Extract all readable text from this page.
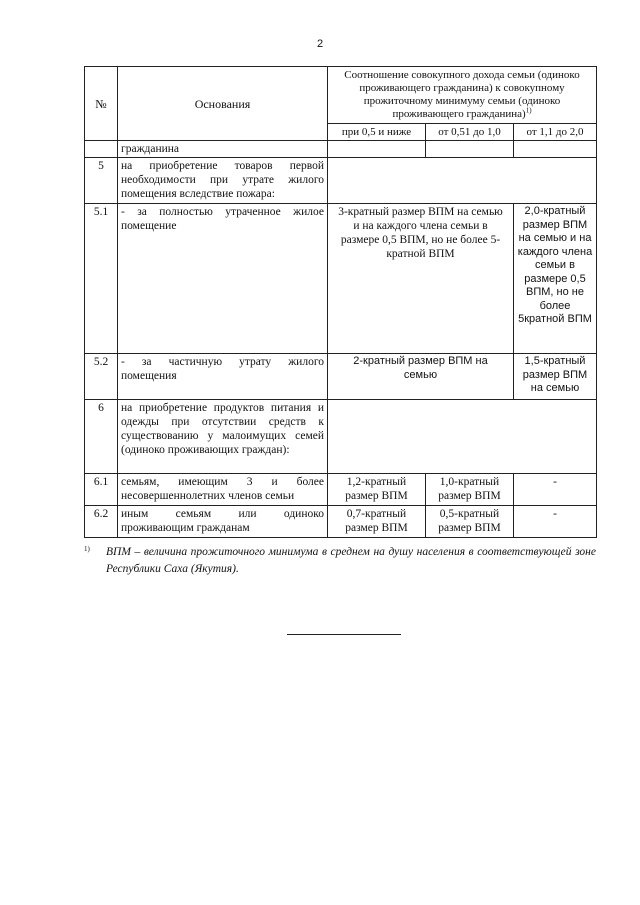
2
№	Основания	Соотношение совокупного дохода семьи (одиноко проживающего гражданина) к совокупному прожиточному минимуму семьи (одиноко проживающего гражданина)$^{1)}$
		при 0,5 и ниже	от 0,51 до 1,0	от 1,1 до 2,0
	гражданина			
5	на приобретение товаров первой необходимости при утрате жилого помещения вследствие пожара:			
5.1	- за полностью утраченное жилое помещение	3-кратный размер ВПМ на семью и на каждого члена семьи в размере 0,5 ВПМ, но не более 5-кратной ВПМ		2,0-кратный размер ВПМ на семью и на каждого члена семьи в размере 0,5 ВПМ, но не более 5кратной ВПМ
5.2	- за частичную утрату жилого помещения	2-кратный размер ВПМ на семью		1,5-кратный размер ВПМ на семью
6	на приобретение продуктов питания и одежды при отсутствии средств к существованию у малоимущих семей (одиноко проживающих граждан):			
6.1	семьям, имеющим 3 и более несовершеннолетних членов семьи	1,2-кратный размер ВПМ	1,0-кратный размер ВПМ	-
6.2	иным семьям или одиноко проживающим гражданам	0,7-кратный размер ВПМ	0,5-кратный размер ВПМ	-
1)	ВПМ – величина прожиточного минимума в среднем на душу населения в соответствующей зоне Республики Саха (Якутия).
